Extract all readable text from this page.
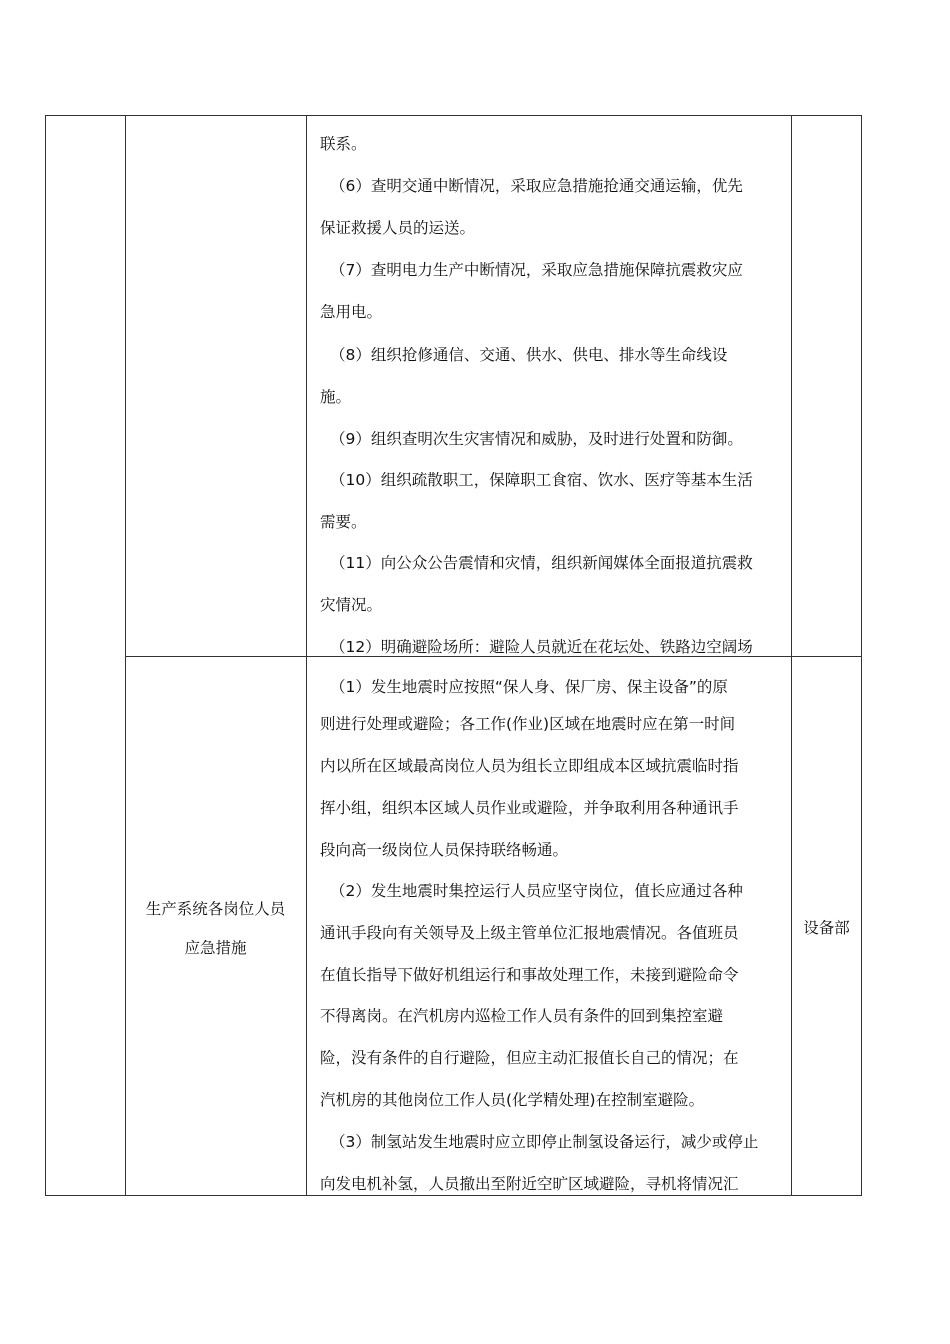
联系。
（6）查明交通中断情况，采取应急措施抢通交通运输，优先
保证救援人员的运送。
（7）查明电力生产中断情况，采取应急措施保障抗震救灾应
急用电。
（8）组织抢修通信、交通、供水、供电、排水等生命线设
施。
（9）组织查明次生灾害情况和威胁，及时进行处置和防御。
（10）组织疏散职工，保障职工食宿、饮水、医疗等基本生活
需要。
（11）向公众公告震情和灾情，组织新闻媒体全面报道抗震救
灾情况。
（12）明确避险场所：避险人员就近在花坛处、铁路边空阔场
生产系统各岗位人员
应急措施
设备部
（1）发生地震时应按照“保人身、保厂房、保主设备”的原
则进行处理或避险；各工作(作业)区域在地震时应在第一时间
内以所在区域最高岗位人员为组长立即组成本区域抗震临时指
挥小组，组织本区域人员作业或避险，并争取利用各种通讯手
段向高一级岗位人员保持联络畅通。
（2）发生地震时集控运行人员应坚守岗位，值长应通过各种
通讯手段向有关领导及上级主管单位汇报地震情况。各值班员
在值长指导下做好机组运行和事故处理工作，未接到避险命令
不得离岗。在汽机房内巡检工作人员有条件的回到集控室避
险，没有条件的自行避险，但应主动汇报值长自己的情况；在
汽机房的其他岗位工作人员(化学精处理)在控制室避险。
（3）制氢站发生地震时应立即停止制氢设备运行，减少或停止
向发电机补氢，人员撤出至附近空旷区域避险，寻机将情况汇
